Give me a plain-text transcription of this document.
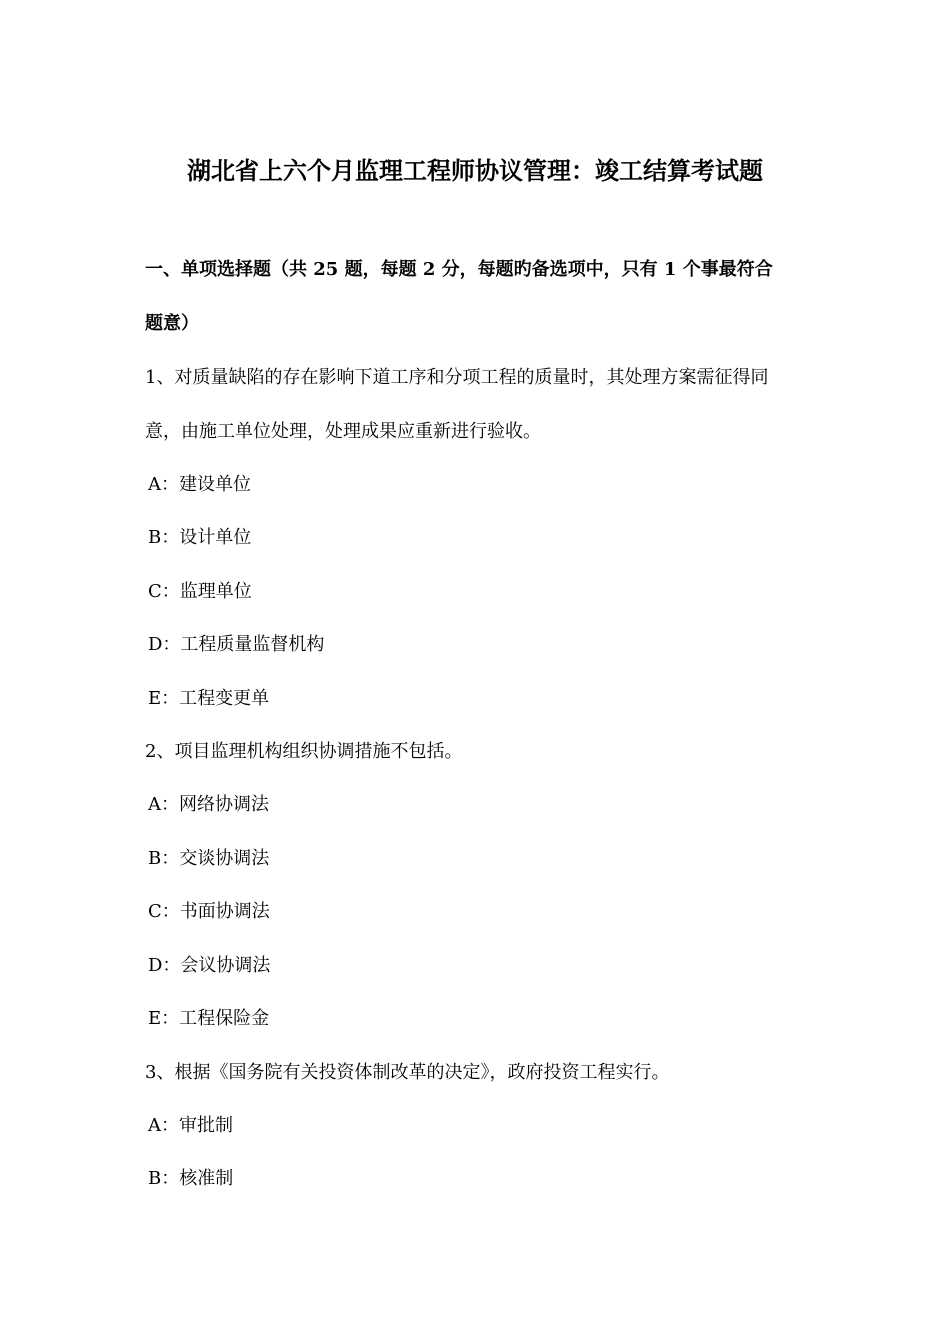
湖北省上六个月监理工程师协议管理：竣工结算考试题
一、单项选择题（共 25 题，每题 2 分，每题旳备选项中，只有 1 个事最符合
题意）
1、对质量缺陷的存在影响下道工序和分项工程的质量时，其处理方案需征得同
意，由施工单位处理，处理成果应重新进行验收。
A：建设单位
B：设计单位
C：监理单位
D：工程质量监督机构
E：工程变更单
2、项目监理机构组织协调措施不包括。
A：网络协调法
B：交谈协调法
C：书面协调法
D：会议协调法
E：工程保险金
3、根据《国务院有关投资体制改革的决定》，政府投资工程实行。
A：审批制
B：核准制
